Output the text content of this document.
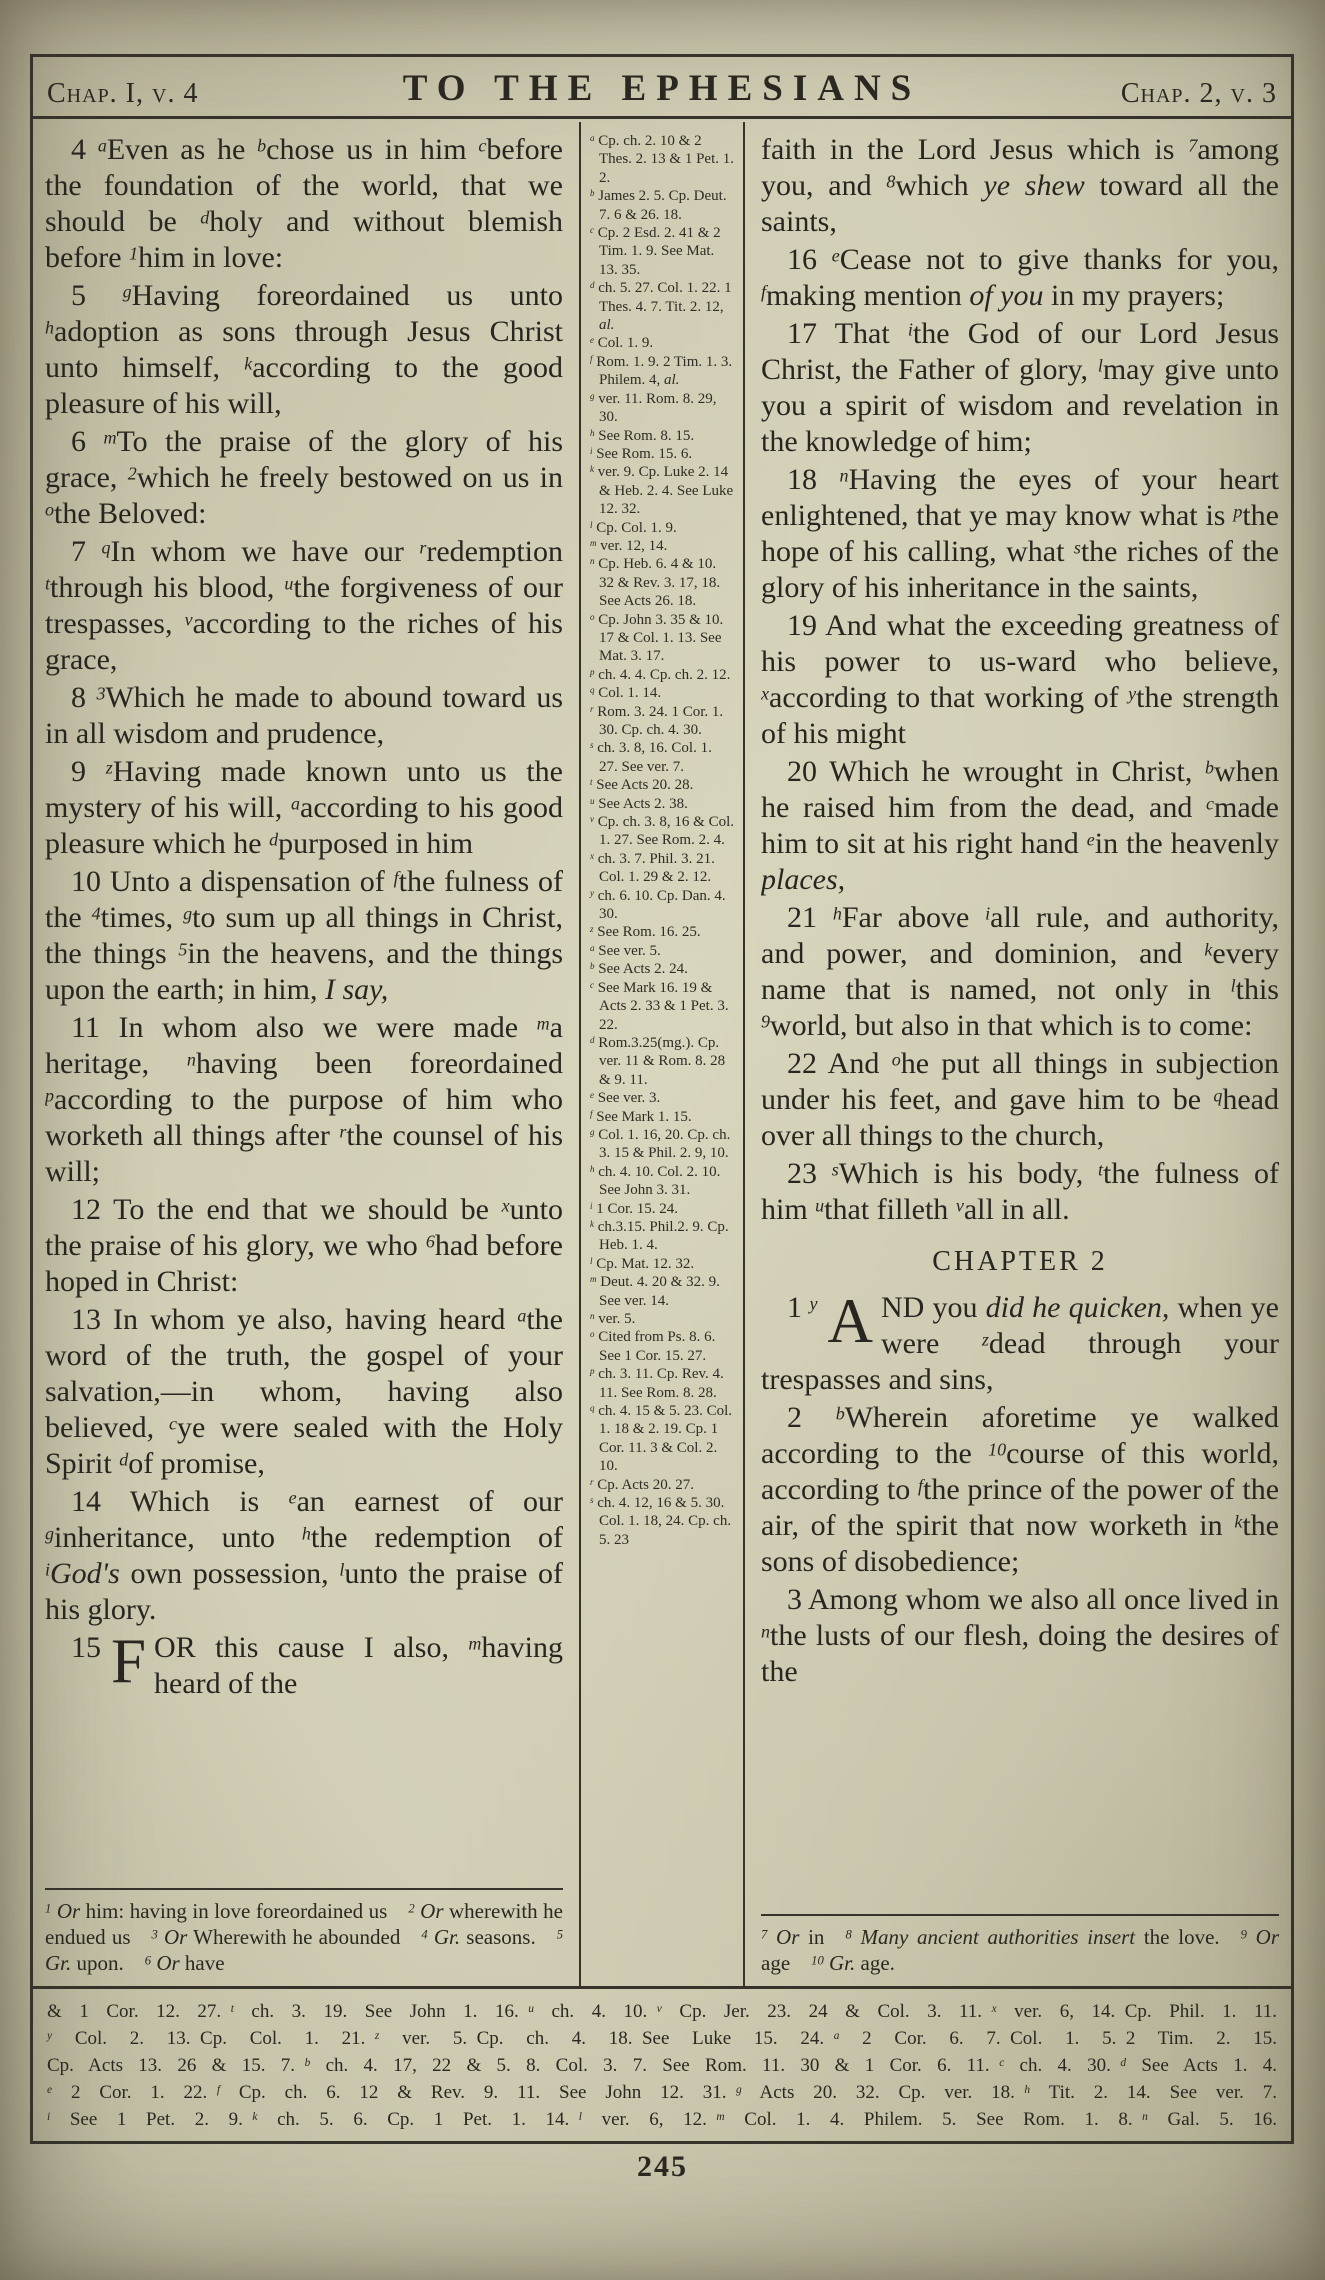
Chap. I, v. 4	TO THE EPHESIANS	Chap. 2, v. 3

4 $^a$Even as he $^b$chose us in him $^c$before the foundation of the world, that we should be $^d$holy and without blemish before $^1$him in love:

5 $^g$Having foreordained us unto $^h$adoption as sons through Jesus Christ unto himself, $^k$according to the good pleasure of his will,

6 $^m$To the praise of the glory of his grace, $^2$which he freely bestowed on us in $^o$the Beloved:

7 $^q$In whom we have our $^r$redemption $^t$through his blood, $^u$the forgiveness of our trespasses, $^v$according to the riches of his grace,

8 $^3$Which he made to abound toward us in all wisdom and prudence,

9 $^z$Having made known unto us the mystery of his will, $^a$according to his good pleasure which he $^d$purposed in him

10 Unto a dispensation of $^f$the fulness of the $^4$times, $^g$to sum up all things in Christ, the things $^5$in the heavens, and the things upon the earth; in him, I say,

11 In whom also we were made $^m$a heritage, $^n$having been foreordained $^p$according to the purpose of him who worketh all things after $^r$the counsel of his will;

12 To the end that we should be $^x$unto the praise of his glory, we who $^6$had before hoped in Christ:

13 In whom ye also, having heard $^a$the word of the truth, the gospel of your salvation,—in whom, having also believed, $^c$ye were sealed with the Holy Spirit $^d$of promise,

14 Which is $^e$an earnest of our $^g$inheritance, unto $^h$the redemption of $^i$God's own possession, $^l$unto the praise of his glory.

15 F OR this cause I also, $^m$having heard of the

$^1$ Or him: having in love foreordained us $^2$ Or wherewith he endued us $^3$ Or Wherewith he abounded $^4$ Gr. seasons. $^5$ Gr. upon. $^6$ Or have

$^a$ Cp. ch. 2. 10 & 2 Thes. 2. 13 & 1 Pet. 1. 2.
$^b$ James 2. 5. Cp. Deut. 7. 6 & 26. 18.
$^c$ Cp. 2 Esd. 2. 41 & 2 Tim. 1. 9. See Mat. 13. 35.
$^d$ ch. 5. 27. Col. 1. 22. 1 Thes. 4. 7. Tit. 2. 12, al.
$^e$ Col. 1. 9.
$^f$ Rom. 1. 9. 2 Tim. 1. 3. Philem. 4, al.
$^g$ ver. 11. Rom. 8. 29, 30.
$^h$ See Rom. 8. 15.
$^i$ See Rom. 15. 6.
$^k$ ver. 9. Cp. Luke 2. 14 & Heb. 2. 4. See Luke 12. 32.
$^l$ Cp. Col. 1. 9.
$^m$ ver. 12, 14.
$^n$ Cp. Heb. 6. 4 & 10. 32 & Rev. 3. 17, 18. See Acts 26. 18.
$^o$ Cp. John 3. 35 & 10. 17 & Col. 1. 13. See Mat. 3. 17.
$^p$ ch. 4. 4. Cp. ch. 2. 12.
$^q$ Col. 1. 14.
$^r$ Rom. 3. 24. 1 Cor. 1. 30. Cp. ch. 4. 30.
$^s$ ch. 3. 8, 16. Col. 1. 27. See ver. 7.
$^t$ See Acts 20. 28.
$^u$ See Acts 2. 38.
$^v$ Cp. ch. 3. 8, 16 & Col. 1. 27. See Rom. 2. 4.
$^x$ ch. 3. 7. Phil. 3. 21. Col. 1. 29 & 2. 12.
$^y$ ch. 6. 10. Cp. Dan. 4. 30.
$^z$ See Rom. 16. 25.
$^a$ See ver. 5.
$^b$ See Acts 2. 24.
$^c$ See Mark 16. 19 & Acts 2. 33 & 1 Pet. 3. 22.
$^d$ Rom.3.25(mg.). Cp. ver. 11 & Rom. 8. 28 & 9. 11.
$^e$ See ver. 3.
$^f$ See Mark 1. 15.
$^g$ Col. 1. 16, 20. Cp. ch. 3. 15 & Phil. 2. 9, 10.
$^h$ ch. 4. 10. Col. 2. 10. See John 3. 31.
$^i$ 1 Cor. 15. 24.
$^k$ ch.3.15. Phil.2. 9. Cp. Heb. 1. 4.
$^l$ Cp. Mat. 12. 32.
$^m$ Deut. 4. 20 & 32. 9. See ver. 14.
$^n$ ver. 5.
$^o$ Cited from Ps. 8. 6. See 1 Cor. 15. 27.
$^p$ ch. 3. 11. Cp. Rev. 4. 11. See Rom. 8. 28.
$^q$ ch. 4. 15 & 5. 23. Col. 1. 18 & 2. 19. Cp. 1 Cor. 11. 3 & Col. 2. 10.
$^r$ Cp. Acts 20. 27.
$^s$ ch. 4. 12, 16 & 5. 30. Col. 1. 18, 24. Cp. ch. 5. 23

faith in the Lord Jesus which is $^7$among you, and $^8$which ye shew toward all the saints,

16 $^e$Cease not to give thanks for you, $^f$making mention of you in my prayers;

17 That $^i$the God of our Lord Jesus Christ, the Father of glory, $^l$may give unto you a spirit of wisdom and revelation in the knowledge of him;

18 $^n$Having the eyes of your heart enlightened, that ye may know what is $^p$the hope of his calling, what $^s$the riches of the glory of his inheritance in the saints,

19 And what the exceeding greatness of his power to us-ward who believe, $^x$according to that working of $^y$the strength of his might

20 Which he wrought in Christ, $^b$when he raised him from the dead, and $^c$made him to sit at his right hand $^e$in the heavenly places,

21 $^h$Far above $^i$all rule, and authority, and power, and dominion, and $^k$every name that is named, not only in $^l$this $^9$world, but also in that which is to come:

22 And $^o$he put all things in subjection under his feet, and gave him to be $^q$head over all things to the church,

23 $^s$Which is his body, $^t$the fulness of him $^u$that filleth $^v$all in all.

CHAPTER 2

1 $^y$ A ND you did he quicken, when ye were $^z$dead through your trespasses and sins,

2 $^b$Wherein aforetime ye walked according to the $^{10}$course of this world, according to $^f$the prince of the power of the air, of the spirit that now worketh in $^k$the sons of disobedience;

3 Among whom we also all once lived in $^n$the lusts of our flesh, doing the desires of the

$^7$ Or in $^8$ Many ancient authorities insert the love. $^9$ Or age $^{10}$ Gr. age.

& 1 Cor. 12. 27. $^t$ ch. 3. 19. See John 1. 16. $^u$ ch. 4. 10. $^v$ Cp. Jer. 23. 24 & Col. 3. 11. $^x$ ver. 6, 14. Cp. Phil. 1. 11.
$^y$ Col. 2. 13. Cp. Col. 1. 21. $^z$ ver. 5. Cp. ch. 4. 18. See Luke 15. 24. $^a$ 2 Cor. 6. 7. Col. 1. 5. 2 Tim. 2. 15.
Cp. Acts 13. 26 & 15. 7. $^b$ ch. 4. 17, 22 & 5. 8. Col. 3. 7. See Rom. 11. 30 & 1 Cor. 6. 11. $^c$ ch. 4. 30. $^d$ See Acts 1. 4.
$^e$ 2 Cor. 1. 22. $^f$ Cp. ch. 6. 12 & Rev. 9. 11. See John 12. 31. $^g$ Acts 20. 32. Cp. ver. 18. $^h$ Tit. 2. 14. See ver. 7.
$^i$ See 1 Pet. 2. 9. $^k$ ch. 5. 6. Cp. 1 Pet. 1. 14. $^l$ ver. 6, 12. $^m$ Col. 1. 4. Philem. 5. See Rom. 1. 8. $^n$ Gal. 5. 16.
245
